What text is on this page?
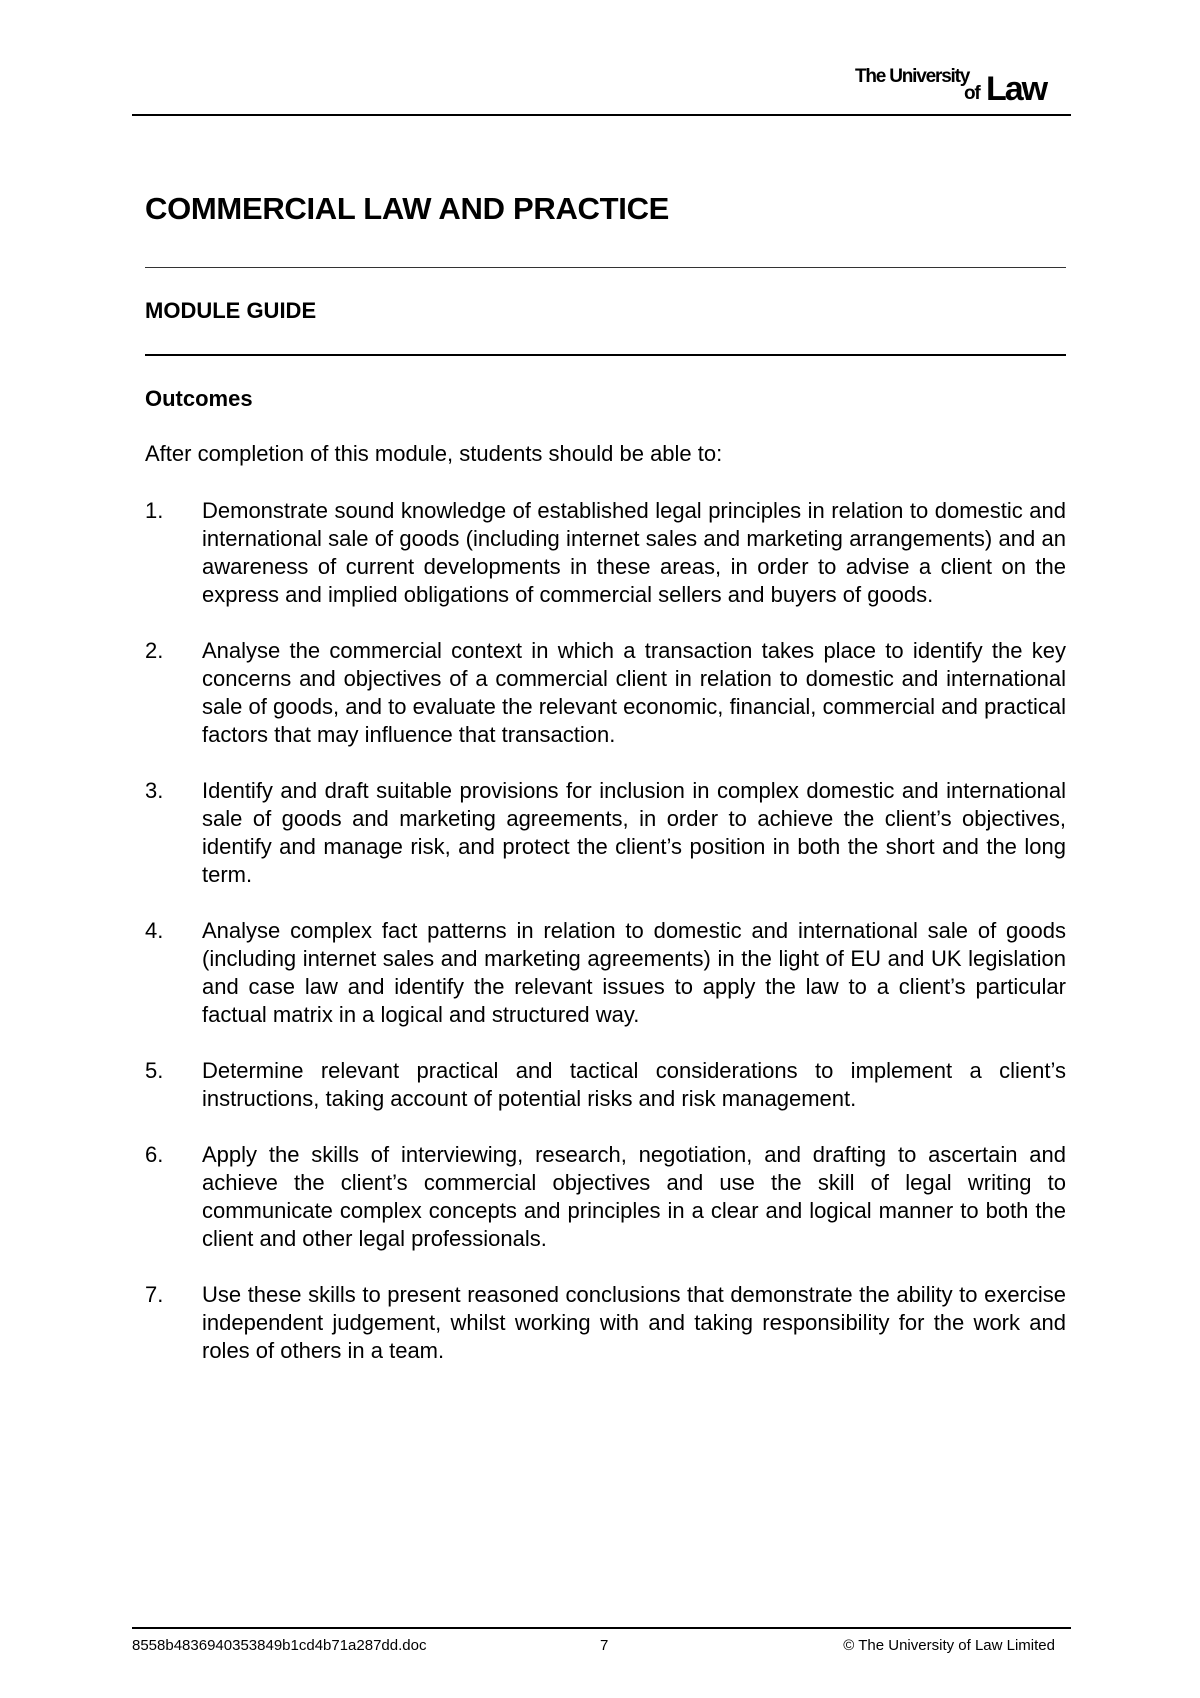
The University
of Law
COMMERCIAL LAW AND PRACTICE
MODULE GUIDE
Outcomes
After completion of this module, students should be able to:
1.	Demonstrate sound knowledge of established legal principles in relation to domestic and international sale of goods (including internet sales and marketing arrangements) and an awareness of current developments in these areas, in order to advise a client on the express and implied obligations of commercial sellers and buyers of goods.
2.	Analyse the commercial context in which a transaction takes place to identify the key concerns and objectives of a commercial client in relation to domestic and international sale of goods, and to evaluate the relevant economic, financial, commercial and practical factors that may influence that transaction.
3.	Identify and draft suitable provisions for inclusion in complex domestic and international sale of goods and marketing agreements, in order to achieve the client’s objectives, identify and manage risk, and protect the client’s position in both the short and the long term.
4.	Analyse complex fact patterns in relation to domestic and international sale of goods (including internet sales and marketing agreements) in the light of EU and UK legislation and case law and identify the relevant issues to apply the law to a client’s particular factual matrix in a logical and structured way.
5.	Determine relevant practical and tactical considerations to implement a client’s instructions, taking account of potential risks and risk management.
6.	Apply the skills of interviewing, research, negotiation, and drafting to ascertain and achieve the client’s commercial objectives and use the skill of legal writing to communicate complex concepts and principles in a clear and logical manner to both the client and other legal professionals.
7.	Use these skills to present reasoned conclusions that demonstrate the ability to exercise independent judgement, whilst working with and taking responsibility for the work and roles of others in a team.
8558b4836940353849b1cd4b71a287dd.doc	7	© The University of Law Limited
